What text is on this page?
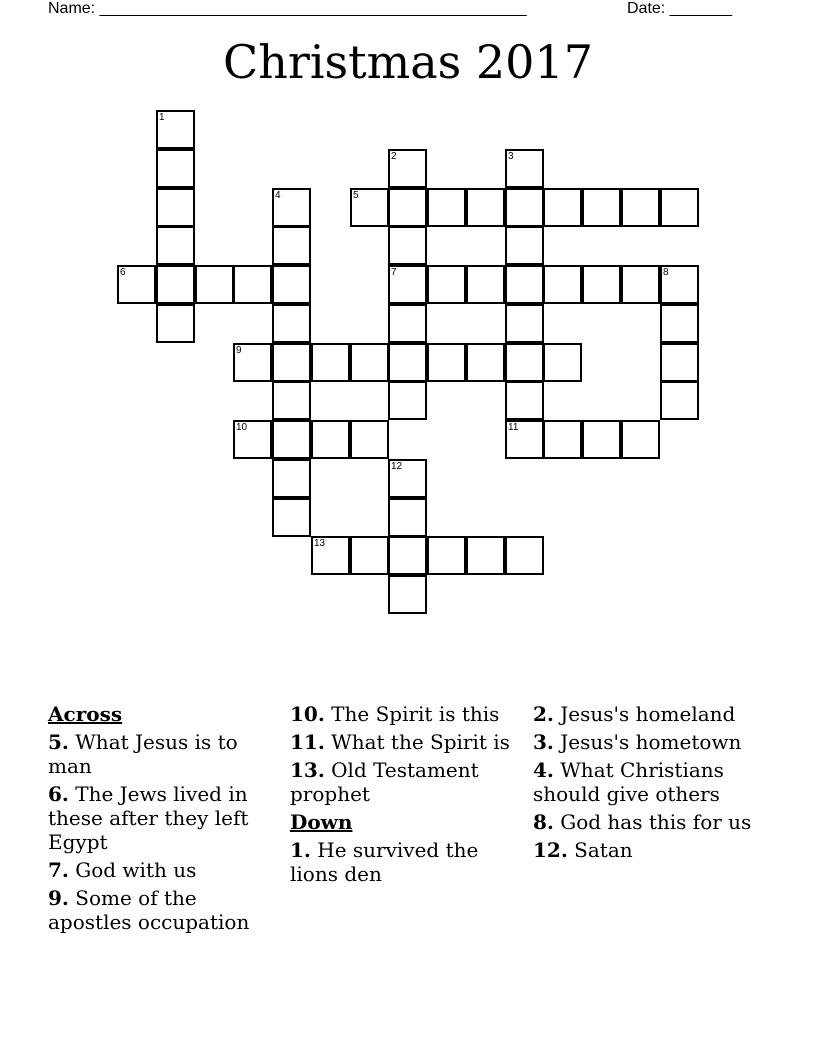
Name: ________________________________________________	Date: _______
Christmas 2017
1
2	3
4	5
6	7	8
9
10	11
12
13
Across
5. What Jesus is to man
6. The Jews lived in these after they left Egypt
7. God with us
9. Some of the apostles occupation
10. The Spirit is this
11. What the Spirit is
13. Old Testament prophet
Down
1. He survived the lions den
2. Jesus's homeland
3. Jesus's hometown
4. What Christians should give others
8. God has this for us
12. Satan
